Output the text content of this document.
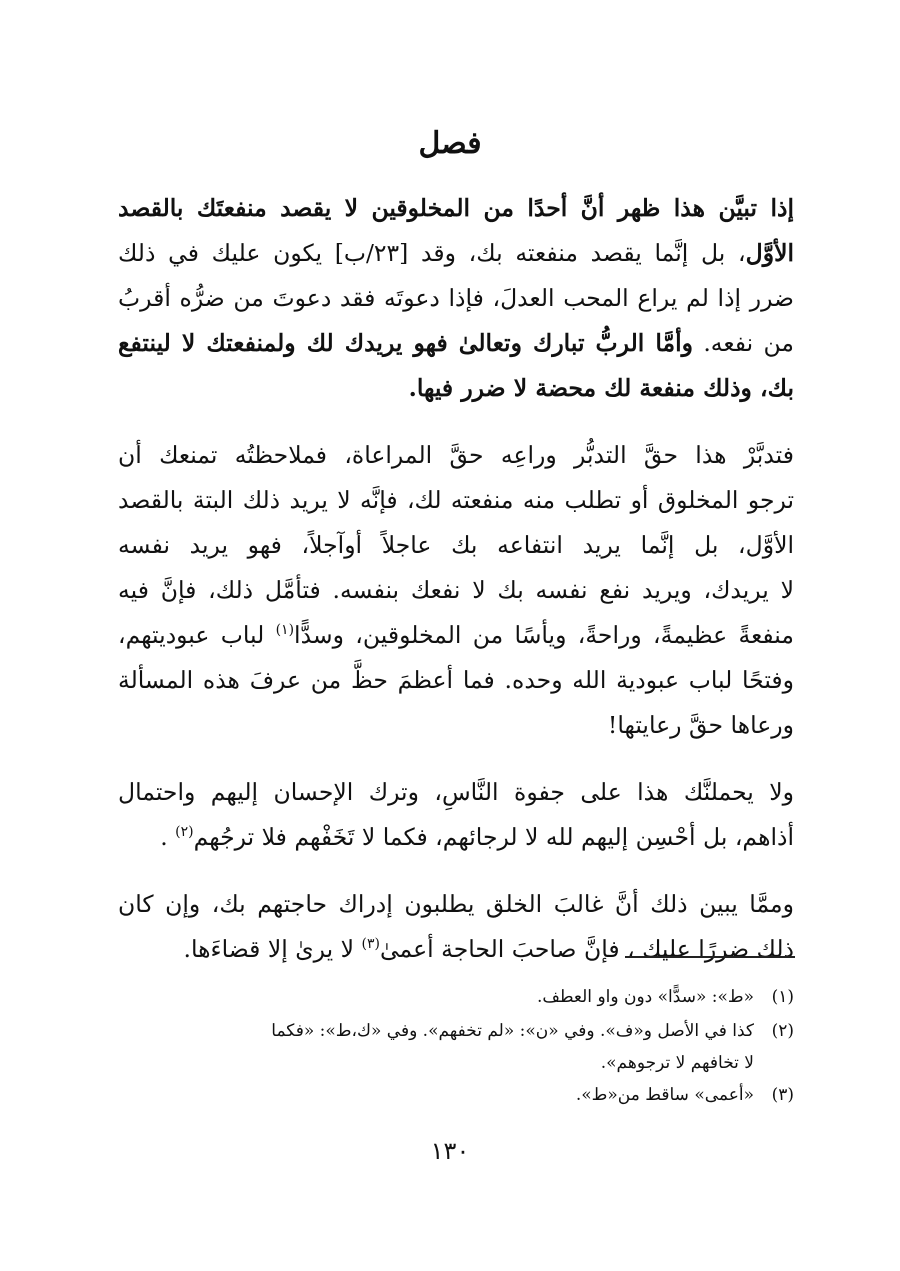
فصل
إذا تبيَّن هذا ظهر أنَّ أحدًا من المخلوقين لا يقصد منفعتَك بالقصد
الأوَّل، بل إنَّما يقصد منفعته بك، وقد [٢٣/ب] يكون عليك في ذلك
ضرر إذا لم يراع المحب العدلَ، فإذا دعوتَه فقد دعوتَ من ضرُّه أقربُ
من نفعه. وأمَّا الربُّ تبارك وتعالىٰ فهو يريدك لك ولمنفعتك لا لينتفع
بك، وذلك منفعة لك محضة لا ضرر فيها.
فتدبَّرْ هذا حقَّ التدبُّر وراعِه حقَّ المراعاة، فملاحظتُه تمنعك أن
ترجو المخلوق أو تطلب منه منفعته لك، فإنَّه لا يريد ذلك البتة بالقصد
الأوَّل، بل إنَّما يريد انتفاعه بك عاجلاً أوآجلاً، فهو يريد نفسه
لا يريدك، ويريد نفع نفسه بك لا نفعك بنفسه. فتأمَّل ذلك، فإنَّ فيه
منفعةً عظيمةً، وراحةً، ويأسًا من المخلوقين، وسدًّا$^{(١)}$ لباب عبوديتهم،
وفتحًا لباب عبودية الله وحده. فما أعظمَ حظَّ من عرفَ هذه المسألة
ورعاها حقَّ رعايتها!
ولا يحملنَّك هذا على جفوة النَّاسِ، وترك الإحسان إليهم واحتمال
أذاهم، بل أحْسِن إليهم لله لا لرجائهم، فكما لا تَخَفْهم فلا ترجُهم$^{(٢)}$ .
وممَّا يبين ذلك أنَّ غالبَ الخلق يطلبون إدراك حاجتهم بك، وإن كان
ذلك ضررًا عليك ، فإنَّ صاحبَ الحاجة أعمىٰ$^{(٣)}$ لا يرىٰ إلا قضاءَها.
(١)
«ط»: «سدًّا» دون واو العطف.
(٢)
كذا في الأصل و«ف». وفي «ن»: «لم تخفهم». وفي «ك،ط»: «فكما
لا تخافهم لا ترجوهم».
(٣)
«أعمى» ساقط من«ط».
١٣٠
